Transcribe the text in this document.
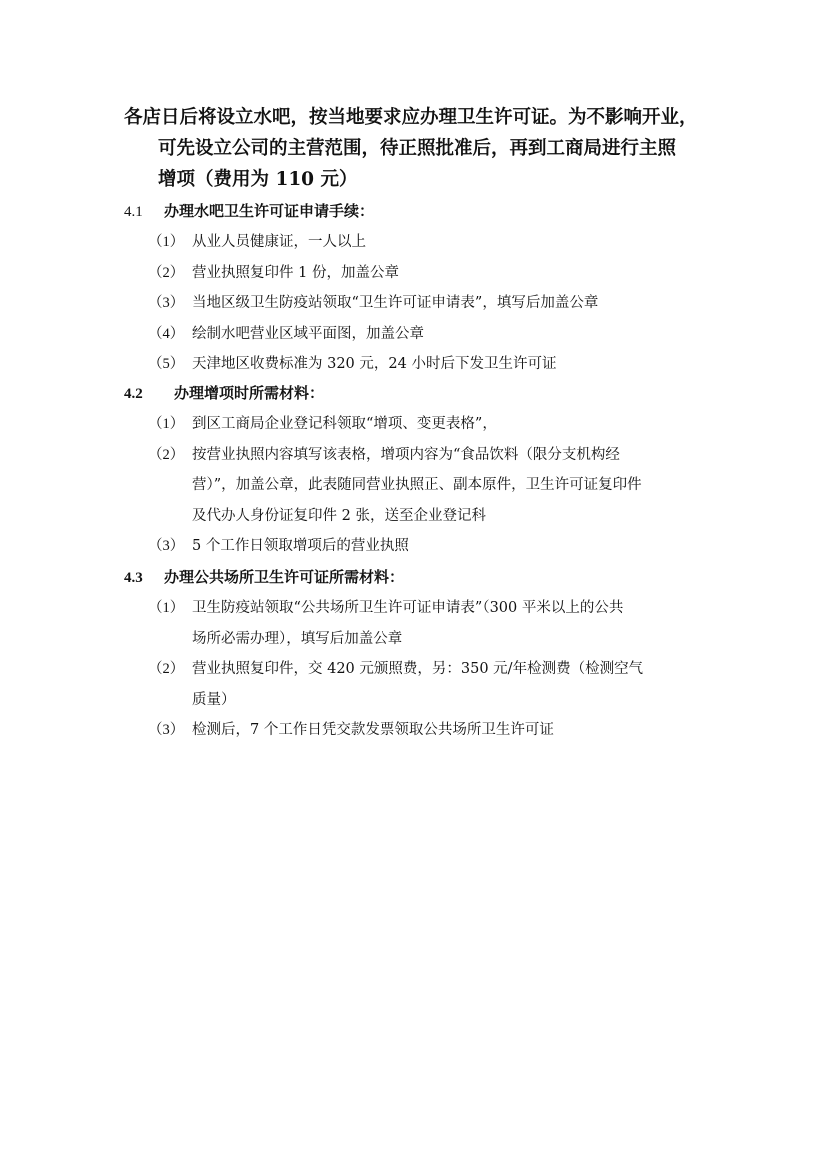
各店日后将设立水吧，按当地要求应办理卫生许可证。为不影响开业，
可先设立公司的主营范围，待正照批准后，再到工商局进行主照
增项（费用为 110 元）
4.1 办理水吧卫生许可证申请手续：
（1） 从业人员健康证，一人以上
（2） 营业执照复印件 1 份，加盖公章
（3） 当地区级卫生防疫站领取“卫生许可证申请表”，填写后加盖公章
（4） 绘制水吧营业区域平面图，加盖公章
（5） 天津地区收费标准为 320 元，24 小时后下发卫生许可证
4.2 办理增项时所需材料：
（1） 到区工商局企业登记科领取“增项、变更表格”，
（2） 按营业执照内容填写该表格，增项内容为“食品饮料（限分支机构经
营）”，加盖公章，此表随同营业执照正、副本原件，卫生许可证复印件
及代办人身份证复印件 2 张，送至企业登记科
（3） 5 个工作日领取增项后的营业执照
4.3 办理公共场所卫生许可证所需材料：
（1） 卫生防疫站领取“公共场所卫生许可证申请表”（300 平米以上的公共
场所必需办理），填写后加盖公章
（2） 营业执照复印件，交 420 元颁照费，另：350 元/年检测费（检测空气
质量）
（3） 检测后，7 个工作日凭交款发票领取公共场所卫生许可证
